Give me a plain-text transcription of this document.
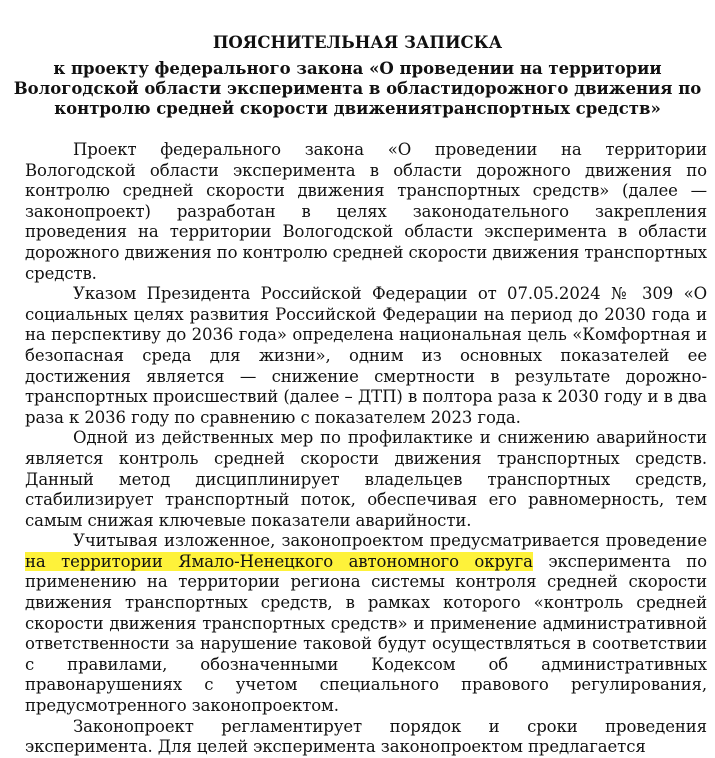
ПОЯСНИТЕЛЬНАЯ ЗАПИСКА
к проекту федерального закона «О проведении на территории
Вологодской области эксперимента в областидорожного движения по
контролю средней скорости движениятранспортных средств»

Проект федерального закона «О проведении на территории Вологодской области эксперимента в области дорожного движения по контролю средней скорости движения транспортных средств» (далее — законопроект) разработан в целях законодательного закрепления проведения на территории Вологодской области эксперимента в области дорожного движения по контролю средней скорости движения транспортных средств.

Указом Президента Российской Федерации от 07.05.2024 № 309 «О социальных целях развития Российской Федерации на период до 2030 года и на перспективу до 2036 года» определена национальная цель «Комфортная и безопасная среда для жизни», одним из основных показателей ее достижения является — снижение смертности в результате дорожно-транспортных происшествий (далее – ДТП) в полтора раза к 2030 году и в два раза к 2036 году по сравнению с показателем 2023 года.

Одной из действенных мер по профилактике и снижению аварийности является контроль средней скорости движения транспортных средств. Данный метод дисциплинирует владельцев транспортных средств, стабилизирует транспортный поток, обеспечивая его равномерность, тем самым снижая ключевые показатели аварийности.

Учитывая изложенное, законопроектом предусматривается проведение на территории Ямало-Ненецкого автономного округа эксперимента по применению на территории региона системы контроля средней скорости движения транспортных средств, в рамках которого «контроль средней скорости движения транспортных средств» и применение административной ответственности за нарушение таковой будут осуществляться в соответствии с правилами, обозначенными Кодексом об административных правонарушениях с учетом специального правового регулирования, предусмотренного законопроектом.

Законопроект регламентирует порядок и сроки проведения эксперимента. Для целей эксперимента законопроектом предлагается
